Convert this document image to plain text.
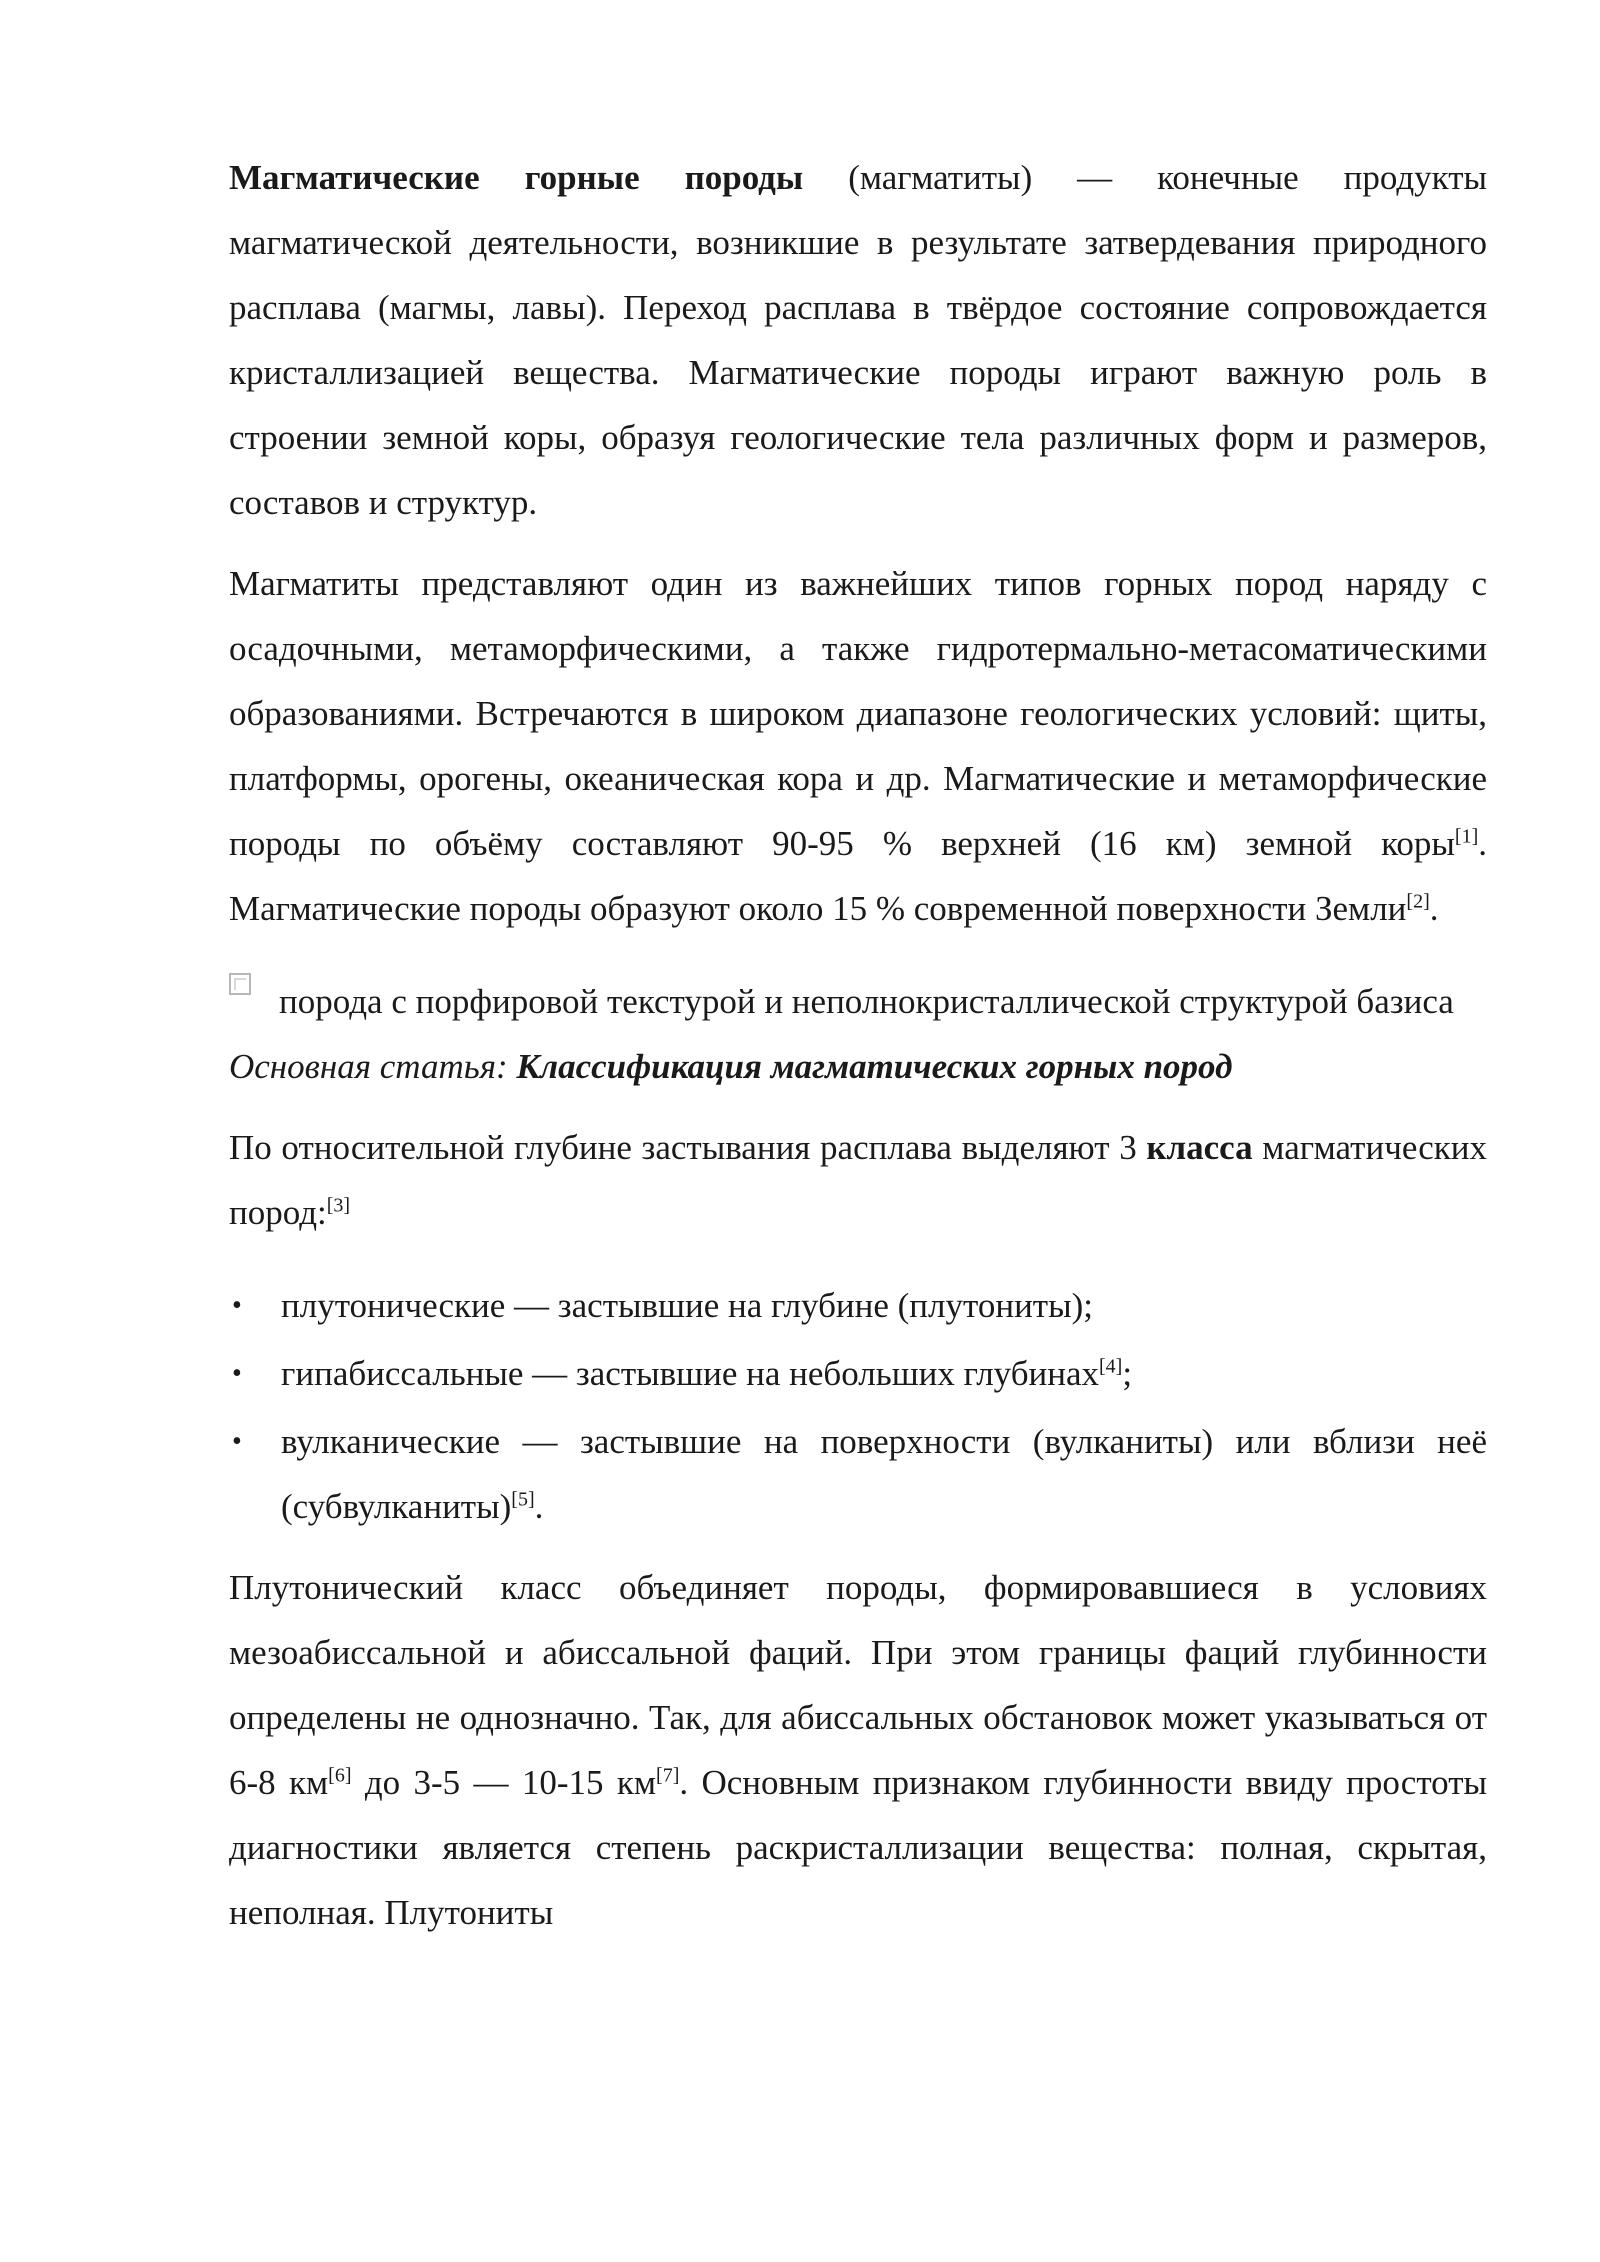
Магматические горные породы (магматиты) — конечные продукты магматической деятельности, возникшие в результате затвердевания природного расплава (магмы, лавы). Переход расплава в твёрдое состояние сопровождается кристаллизацией вещества. Магматические породы играют важную роль в строении земной коры, образуя геологические тела различных форм и размеров, составов и структур.

Магматиты представляют один из важнейших типов горных пород наряду с осадочными, метаморфическими, а также гидротермально-метасоматическими образованиями. Встречаются в широком диапазоне геологических условий: щиты, платформы, орогены, океаническая кора и др. Магматические и метаморфические породы по объёму составляют 90-95 % верхней (16 км) земной коры[1]. Магматические породы образуют около 15 % современной поверхности Земли[2].

порода с порфировой текстурой и неполнокристаллической структурой базиса

Основная статья: Классификация магматических горных пород

По относительной глубине застывания расплава выделяют 3 класса магматических пород:[3]

• плутонические — застывшие на глубине (плутониты);
• гипабиссальные — застывшие на небольших глубинах[4];
• вулканические — застывшие на поверхности (вулканиты) или вблизи неё (субвулканиты)[5].

Плутонический класс объединяет породы, формировавшиеся в условиях мезоабиссальной и абиссальной фаций. При этом границы фаций глубинности определены не однозначно. Так, для абиссальных обстановок может указываться от 6-8 км[6] до 3-5 — 10-15 км[7]. Основным признаком глубинности ввиду простоты диагностики является степень раскристаллизации вещества: полная, скрытая, неполная. Плутониты
